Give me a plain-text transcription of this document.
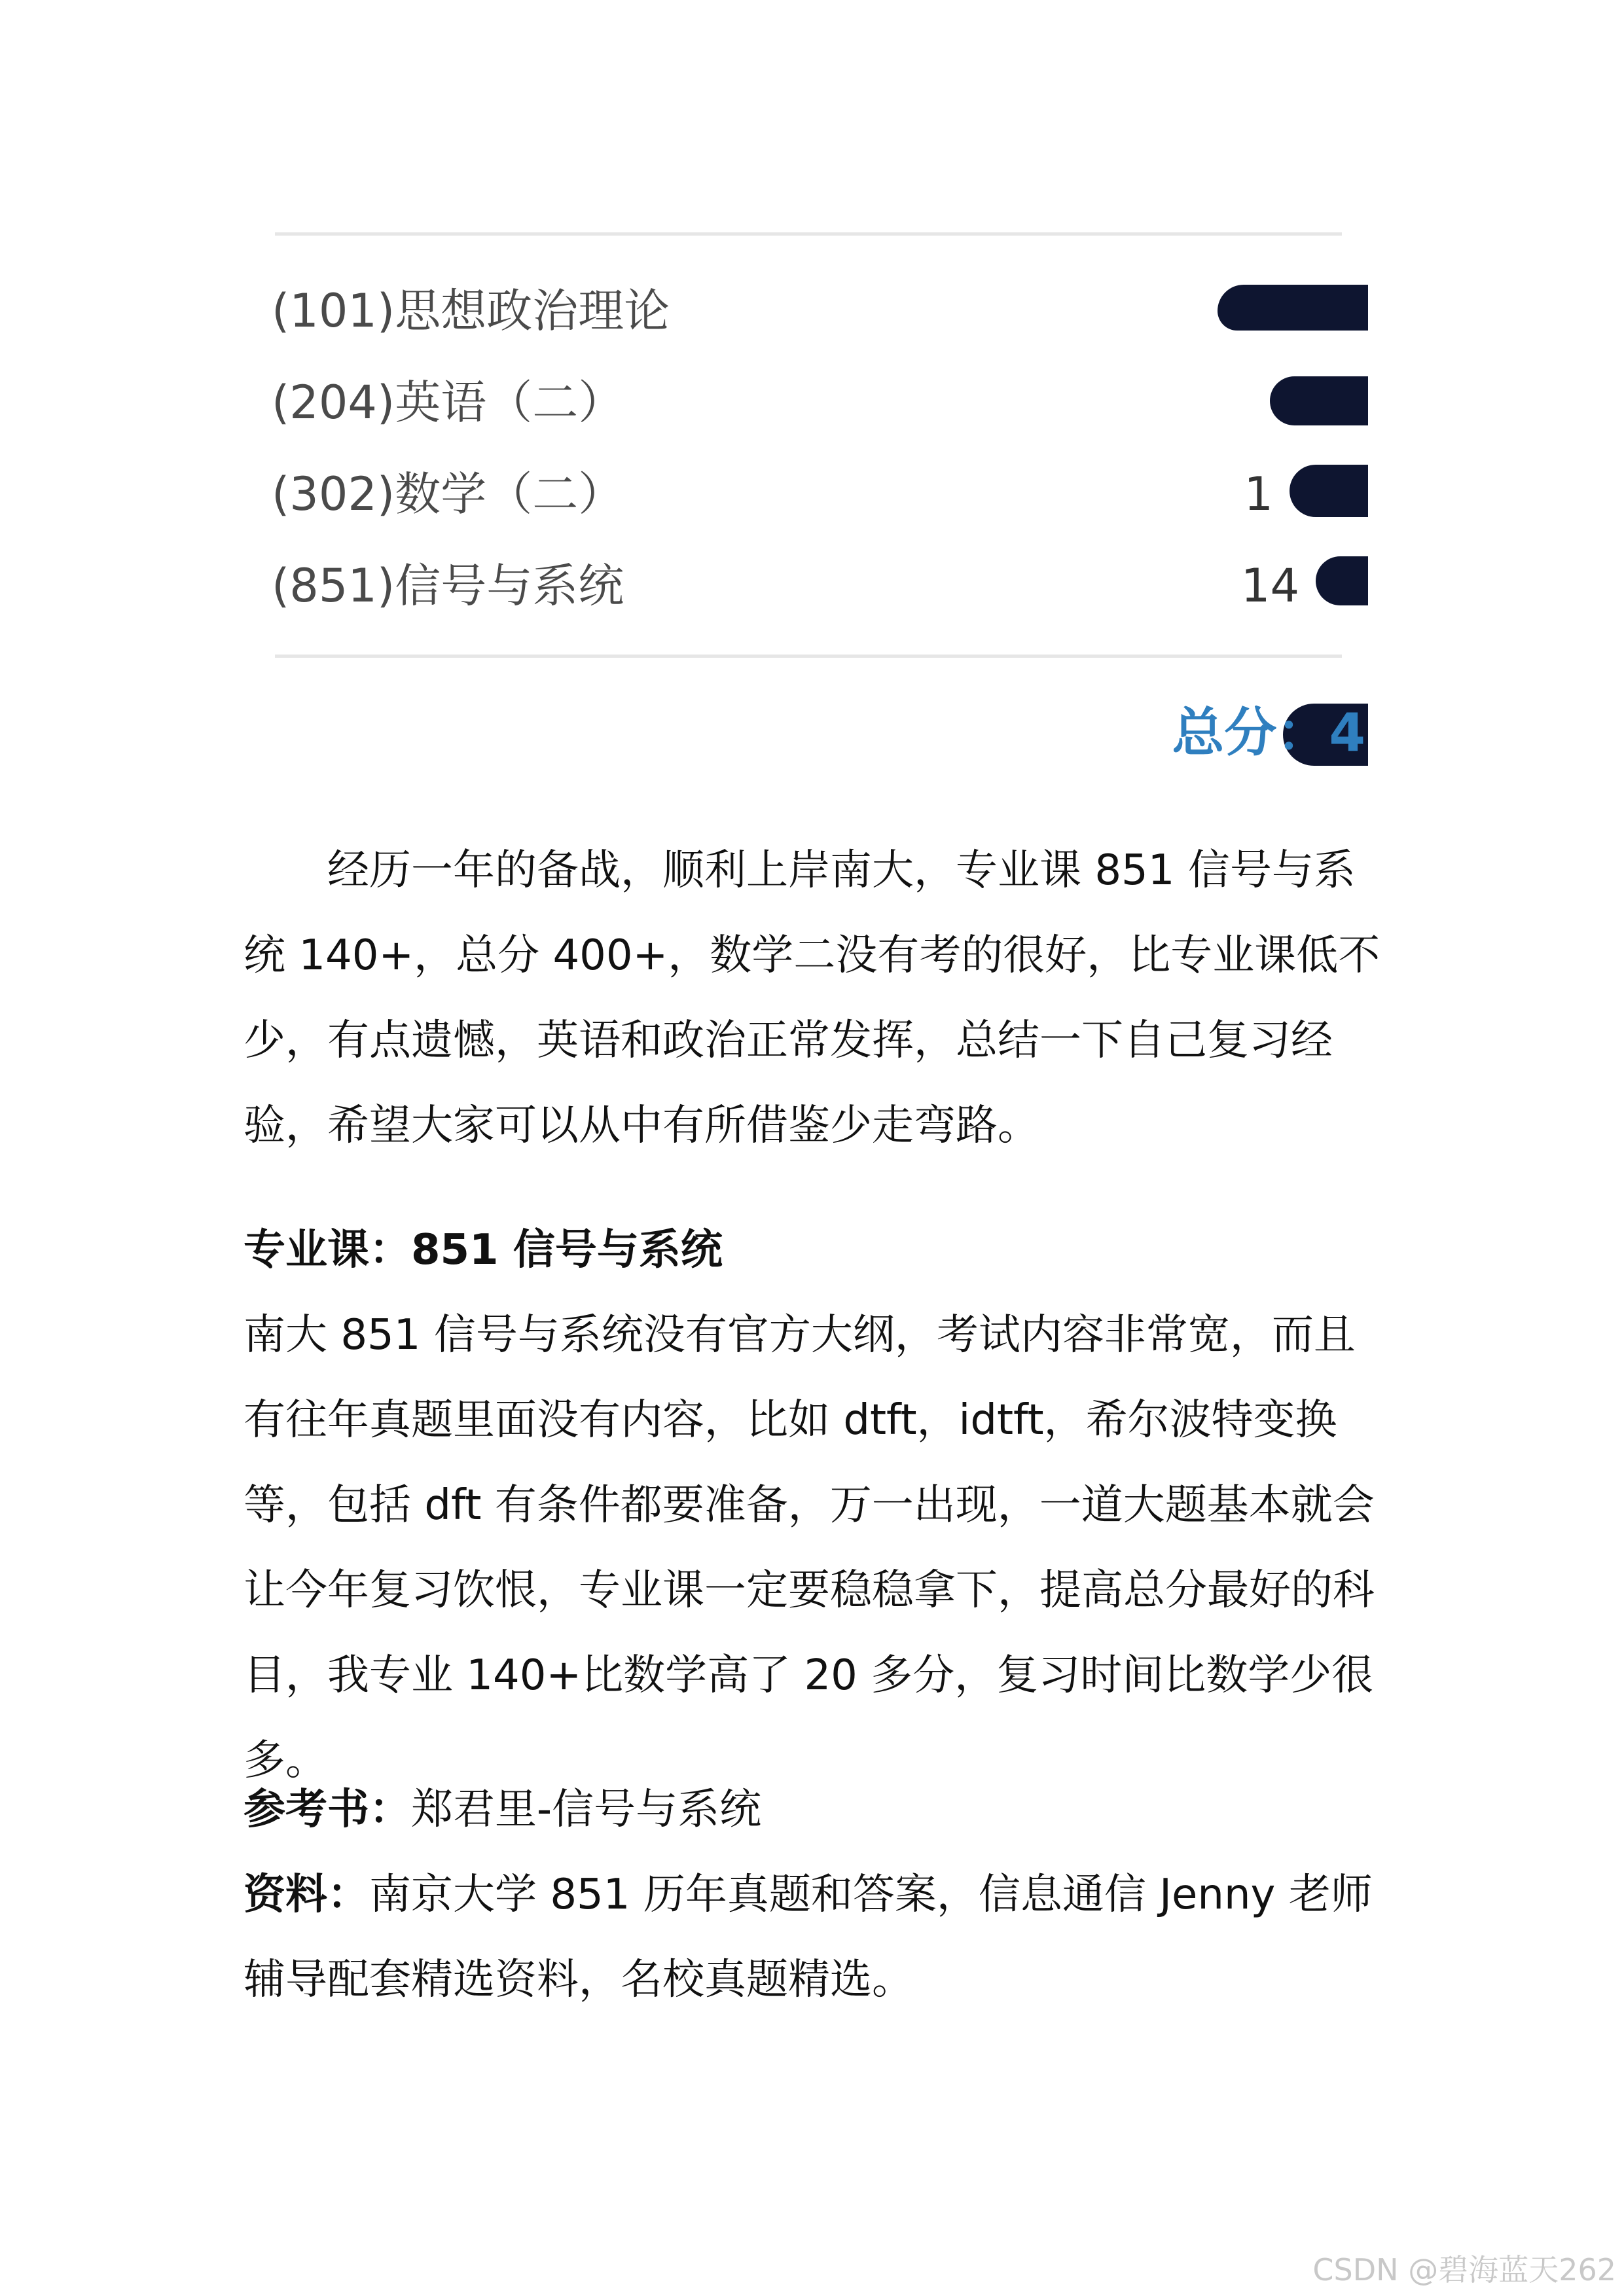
(101)思想政治理论
(204)英语（二）
(302)数学（二）	1
(851)信号与系统	14
总分：4

经历一年的备战，顺利上岸南大，专业课 851 信号与系统 140+，总分 400+，数学二没有考的很好，比专业课低不少，有点遗憾，英语和政治正常发挥，总结一下自己复习经验，希望大家可以从中有所借鉴少走弯路。

专业课：851 信号与系统

南大 851 信号与系统没有官方大纲，考试内容非常宽，而且有往年真题里面没有内容，比如 dtft，idtft，希尔波特变换等，包括 dft 有条件都要准备，万一出现，一道大题基本就会让今年复习饮恨，专业课一定要稳稳拿下，提高总分最好的科目，我专业 140+比数学高了 20 多分，复习时间比数学少很多。

参考书：郑君里-信号与系统

资料：南京大学 851 历年真题和答案，信息通信 Jenny 老师辅导配套精选资料，名校真题精选。

CSDN @碧海蓝天262
